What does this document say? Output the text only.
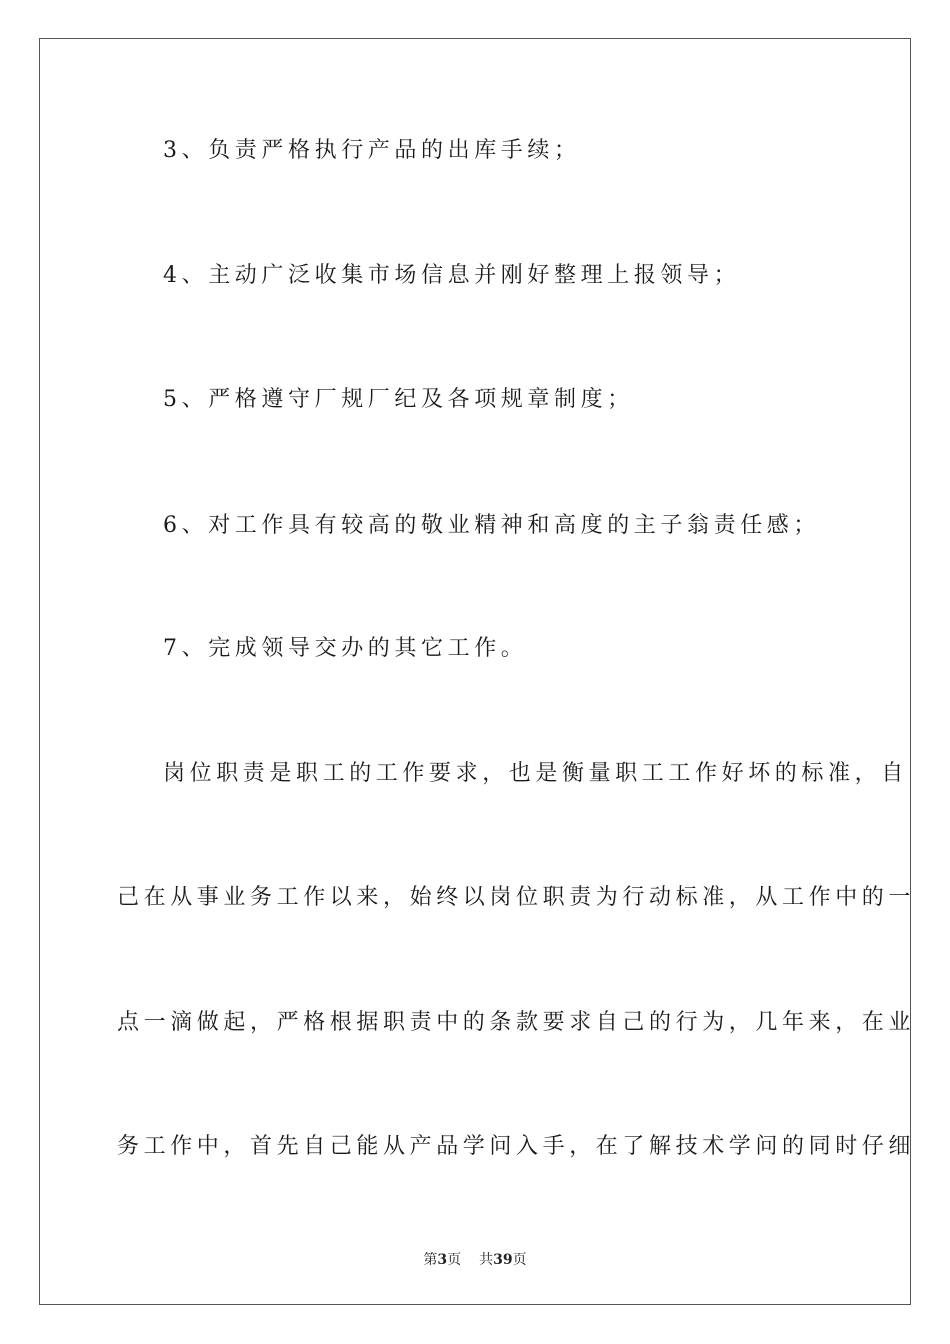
3、负责严格执行产品的出库手续；
4、主动广泛收集市场信息并刚好整理上报领导；
5、严格遵守厂规厂纪及各项规章制度；
6、对工作具有较高的敬业精神和高度的主子翁责任感；
7、完成领导交办的其它工作。
岗位职责是职工的工作要求，也是衡量职工工作好坏的标准，自
己在从事业务工作以来，始终以岗位职责为行动标准，从工作中的一
点一滴做起，严格根据职责中的条款要求自己的行为，几年来，在业
务工作中，首先自己能从产品学问入手，在了解技术学问的同时仔细
第3页 共39页
